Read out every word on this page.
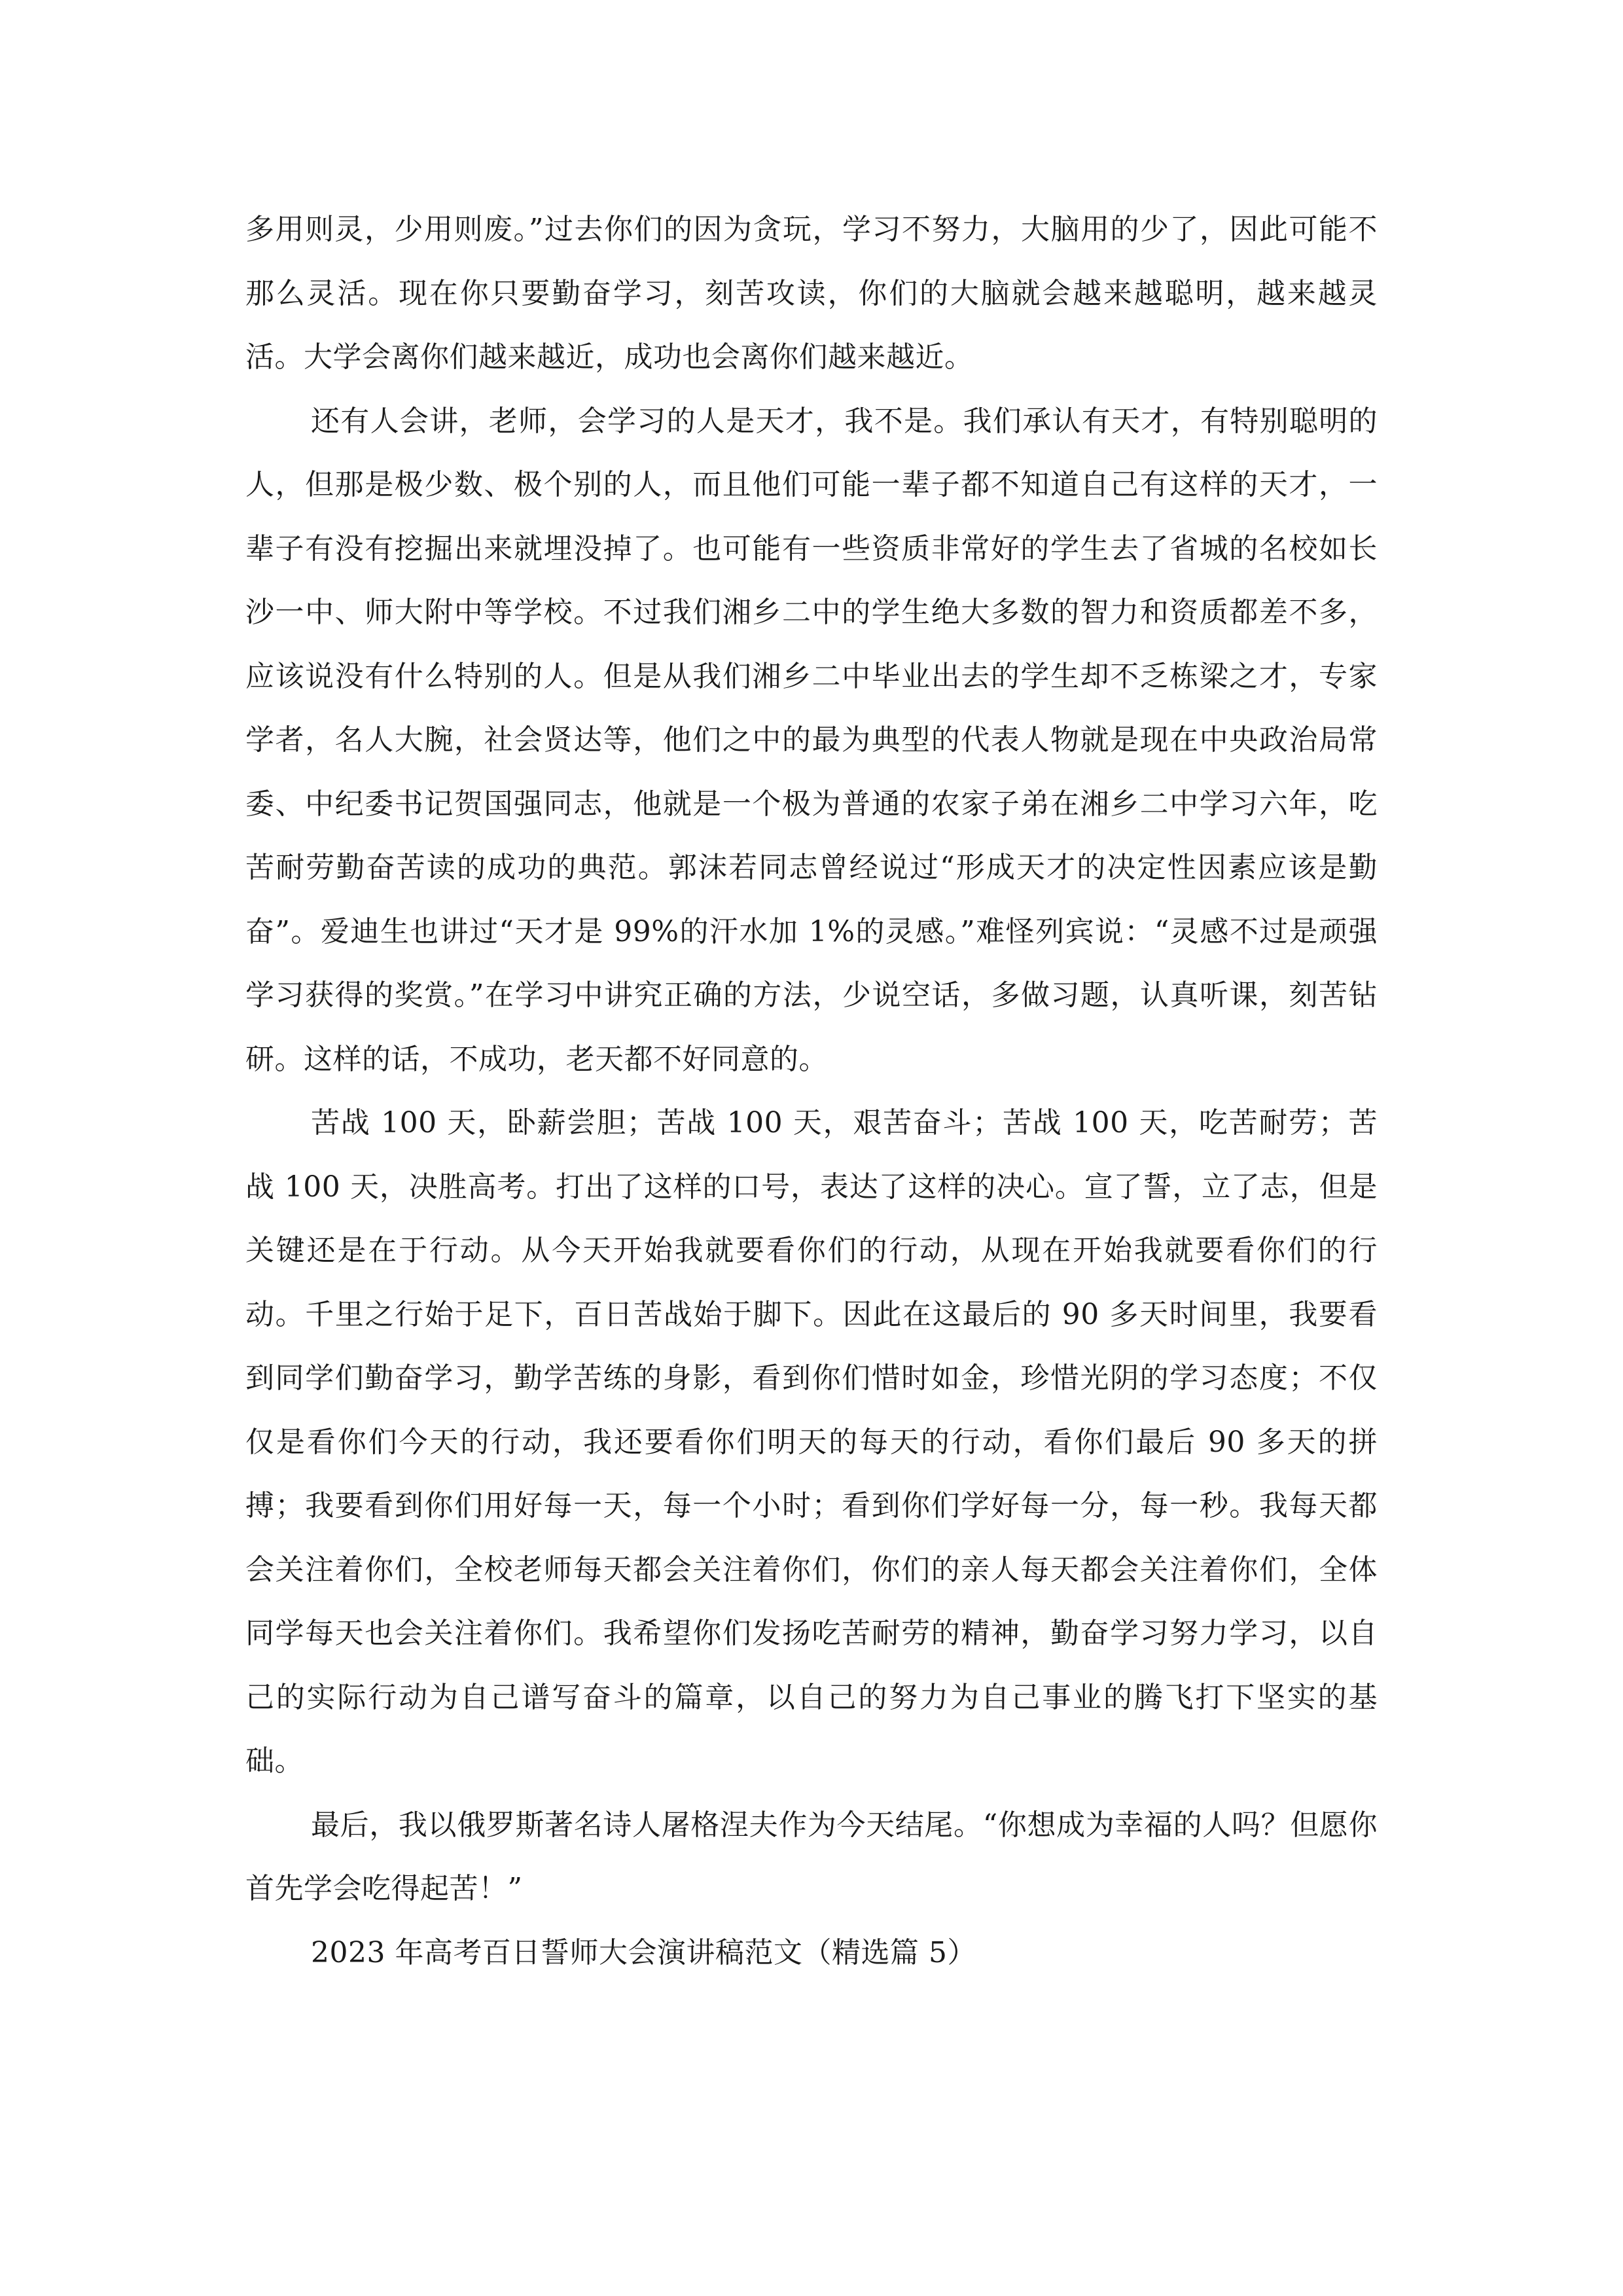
多用则灵，少用则废。”过去你们的因为贪玩，学习不努力，大脑用的少了，因此可能不那么灵活。现在你只要勤奋学习，刻苦攻读，你们的大脑就会越来越聪明，越来越灵活。大学会离你们越来越近，成功也会离你们越来越近。

还有人会讲，老师，会学习的人是天才，我不是。我们承认有天才，有特别聪明的人，但那是极少数、极个别的人，而且他们可能一辈子都不知道自己有这样的天才，一辈子有没有挖掘出来就埋没掉了。也可能有一些资质非常好的学生去了省城的名校如长沙一中、师大附中等学校。不过我们湘乡二中的学生绝大多数的智力和资质都差不多，应该说没有什么特别的人。但是从我们湘乡二中毕业出去的学生却不乏栋梁之才，专家学者，名人大腕，社会贤达等，他们之中的最为典型的代表人物就是现在中央政治局常委、中纪委书记贺国强同志，他就是一个极为普通的农家子弟在湘乡二中学习六年，吃苦耐劳勤奋苦读的成功的典范。郭沫若同志曾经说过“形成天才的决定性因素应该是勤奋”。爱迪生也讲过“天才是 99%的汗水加 1%的灵感。”难怪列宾说：“灵感不过是顽强学习获得的奖赏。”在学习中讲究正确的方法，少说空话，多做习题，认真听课，刻苦钻研。这样的话，不成功，老天都不好同意的。

苦战 100 天，卧薪尝胆；苦战 100 天，艰苦奋斗；苦战 100 天，吃苦耐劳；苦战 100 天，决胜高考。打出了这样的口号，表达了这样的决心。宣了誓，立了志，但是关键还是在于行动。从今天开始我就要看你们的行动，从现在开始我就要看你们的行动。千里之行始于足下，百日苦战始于脚下。因此在这最后的 90 多天时间里，我要看到同学们勤奋学习，勤学苦练的身影，看到你们惜时如金，珍惜光阴的学习态度；不仅仅是看你们今天的行动，我还要看你们明天的每天的行动，看你们最后 90 多天的拼搏；我要看到你们用好每一天，每一个小时；看到你们学好每一分，每一秒。我每天都会关注着你们，全校老师每天都会关注着你们，你们的亲人每天都会关注着你们，全体同学每天也会关注着你们。我希望你们发扬吃苦耐劳的精神，勤奋学习努力学习，以自己的实际行动为自己谱写奋斗的篇章，以自己的努力为自己事业的腾飞打下坚实的基础。

最后，我以俄罗斯著名诗人屠格涅夫作为今天结尾。“你想成为幸福的人吗？但愿你首先学会吃得起苦！”

2023 年高考百日誓师大会演讲稿范文（精选篇 5）
